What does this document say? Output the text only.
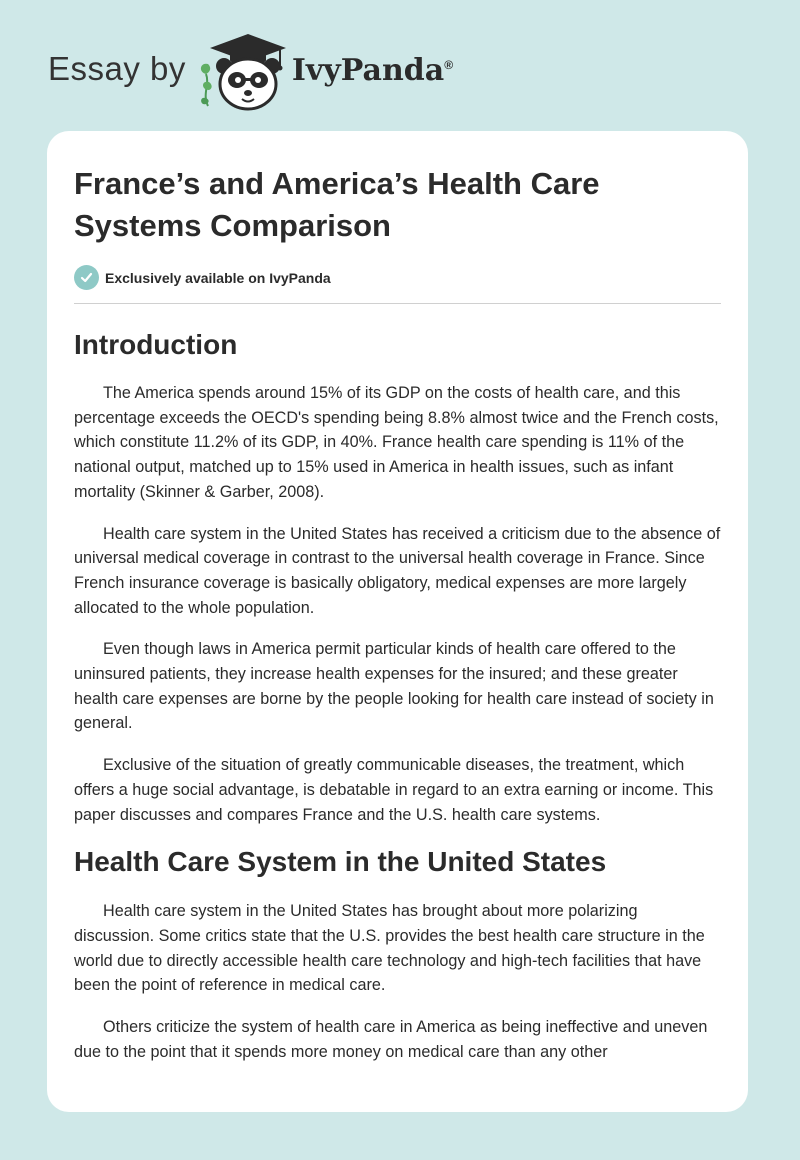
Essay by	IvyPanda®
France’s and America’s Health Care Systems Comparison
Exclusively available on IvyPanda
Introduction

The America spends around 15% of its GDP on the costs of health care, and this percentage exceeds the OECD's spending being 8.8% almost twice and the French costs, which constitute 11.2% of its GDP, in 40%. France health care spending is 11% of the national output, matched up to 15% used in America in health issues, such as infant mortality (Skinner & Garber, 2008).

Health care system in the United States has received a criticism due to the absence of universal medical coverage in contrast to the universal health coverage in France. Since French insurance coverage is basically obligatory, medical expenses are more largely allocated to the whole population.

Even though laws in America permit particular kinds of health care offered to the uninsured patients, they increase health expenses for the insured; and these greater health care expenses are borne by the people looking for health care instead of society in general.

Exclusive of the situation of greatly communicable diseases, the treatment, which offers a huge social advantage, is debatable in regard to an extra earning or income. This paper discusses and compares France and the U.S. health care systems.

Health Care System in the United States

Health care system in the United States has brought about more polarizing discussion. Some critics state that the U.S. provides the best health care structure in the world due to directly accessible health care technology and high-tech facilities that have been the point of reference in medical care.

Others criticize the system of health care in America as being ineffective and uneven due to the point that it spends more money on medical care than any other
